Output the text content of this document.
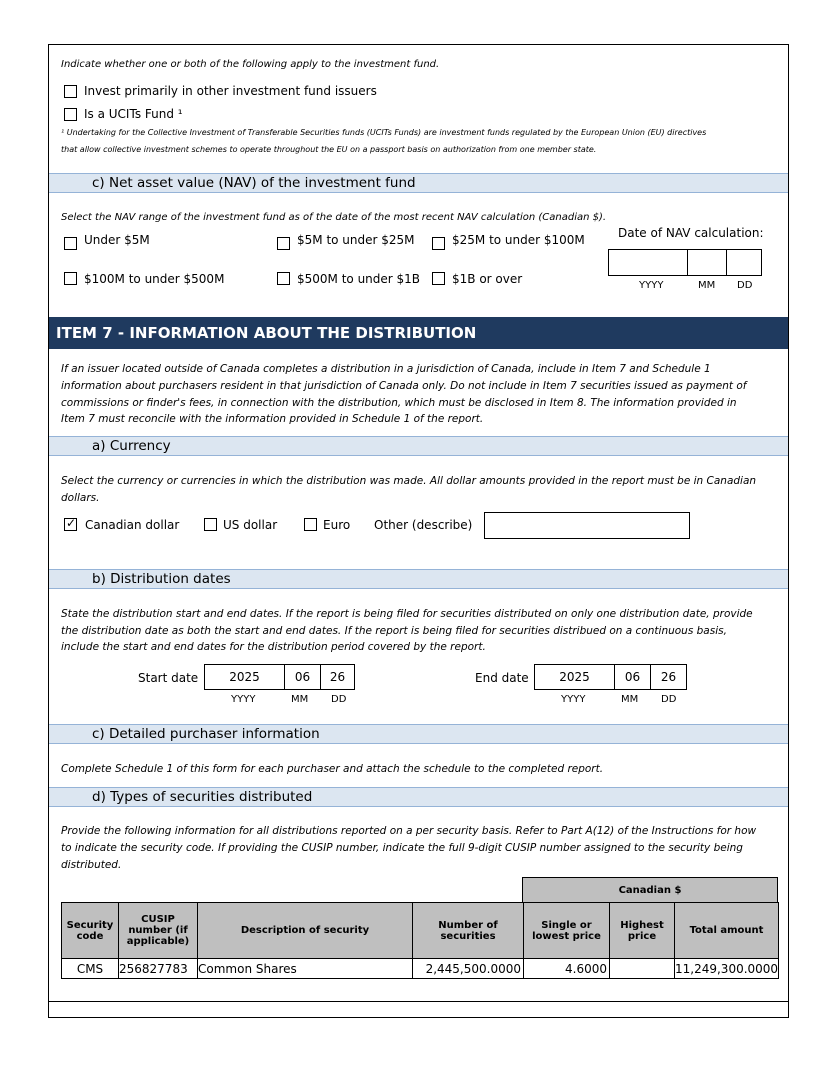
Indicate whether one or both of the following apply to the investment fund.
Invest primarily in other investment fund issuers
Is a UCITs Fund ¹
¹ Undertaking for the Collective Investment of Transferable Securities funds (UCITs Funds) are investment funds regulated by the European Union (EU) directives
that allow collective investment schemes to operate throughout the EU on a passport basis on authorization from one member state.
c) Net asset value (NAV) of the investment fund
Select the NAV range of the investment fund as of the date of the most recent NAV calculation (Canadian $).
Under $5M	$5M to under $25M	$25M to under $100M
$100M to under $500M	$500M to under $1B	$1B or over
Date of NAV calculation:
YYYY	MM DD
ITEM 7 - INFORMATION ABOUT THE DISTRIBUTION
If an issuer located outside of Canada completes a distribution in a jurisdiction of Canada, include in Item 7 and Schedule 1
information about purchasers resident in that jurisdiction of Canada only. Do not include in Item 7 securities issued as payment of
commissions or finder's fees, in connection with the distribution, which must be disclosed in Item 8. The information provided in
Item 7 must reconcile with the information provided in Schedule 1 of the report.
a) Currency
Select the currency or currencies in which the distribution was made. All dollar amounts provided in the report must be in Canadian
dollars.
✓ Canadian dollar	US dollar	Euro Other (describe)
b) Distribution dates
State the distribution start and end dates. If the report is being filed for securities distributed on only one distribution date, provide
the distribution date as both the start and end dates. If the report is being filed for securities distribued on a continuous basis,
include the start and end dates for the distribution period covered by the report.
Start date	2025	06	26
YYYY	MM DD
End date	2025	06	26
YYYY	MM DD
c) Detailed purchaser information
Complete Schedule 1 of this form for each purchaser and attach the schedule to the completed report.
d) Types of securities distributed
Provide the following information for all distributions reported on a per security basis. Refer to Part A(12) of the Instructions for how
to indicate the security code. If providing the CUSIP number, indicate the full 9-digit CUSIP number assigned to the security being
distributed.
Canadian $
Security code	CUSIP number (if applicable)	Description of security	Number of securities	Single or lowest price	Highest price	Total amount
CMS	256827783	Common Shares	2,445,500.0000	4.6000		11,249,300.0000
